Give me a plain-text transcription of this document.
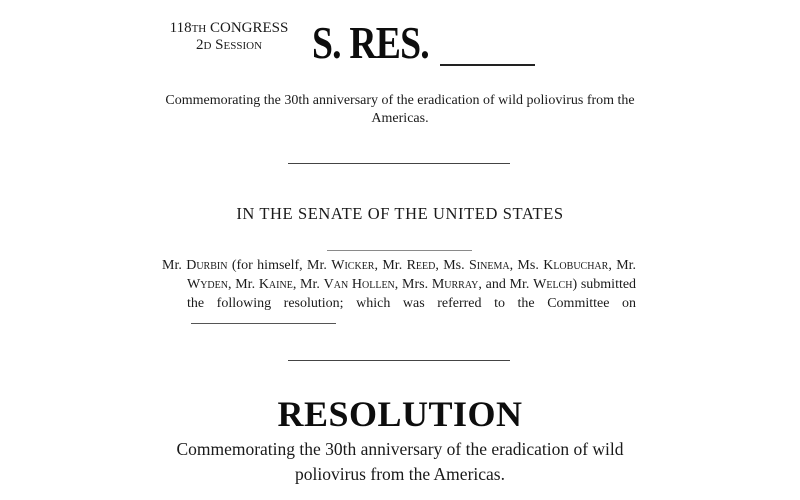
118th CONGRESS
2d Session	S. RES.
Commemorating the 30th anniversary of the eradication of wild poliovirus from the Americas.
IN THE SENATE OF THE UNITED STATES
Mr. Durbin (for himself, Mr. Wicker, Mr. Reed, Ms. Sinema, Ms. Klobuchar, Mr. Wyden, Mr. Kaine, Mr. Van Hollen, Mrs. Murray, and Mr. Welch) submitted the following resolution; which was referred to the Committee on
RESOLUTION
Commemorating the 30th anniversary of the eradication of wild poliovirus from the Americas.
